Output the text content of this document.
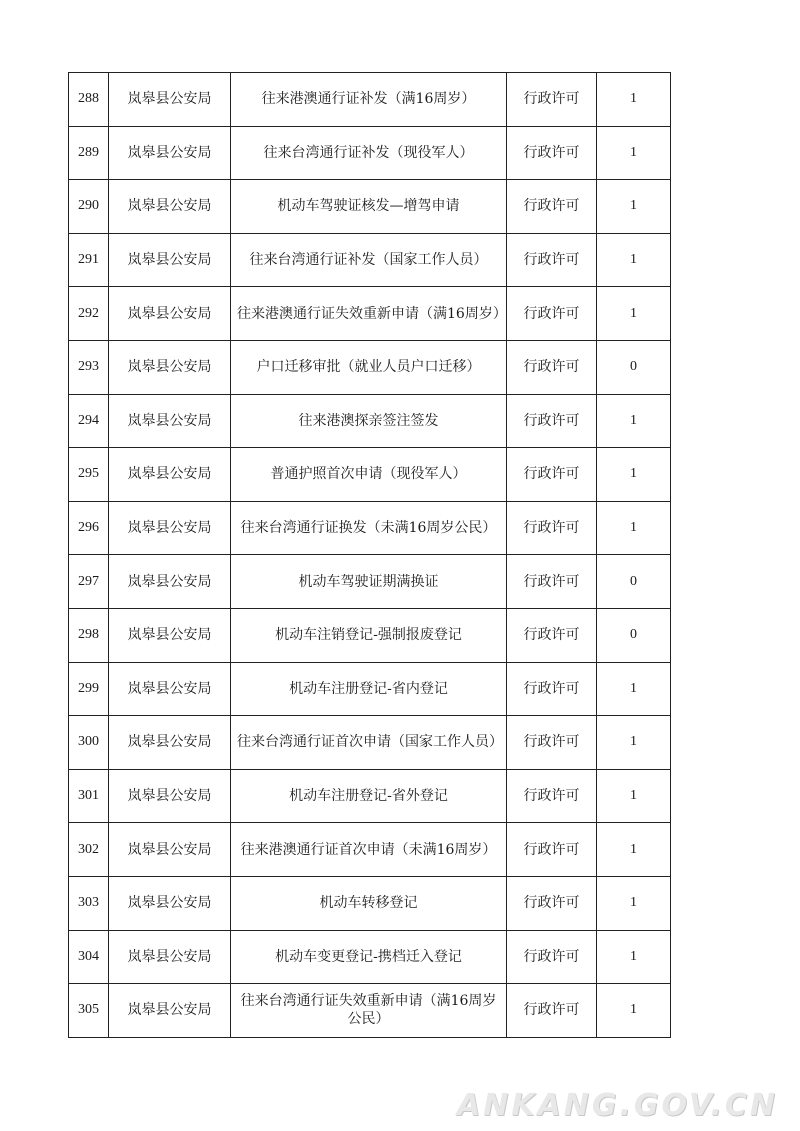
288	岚皋县公安局	往来港澳通行证补发（满16周岁）	行政许可	1
289	岚皋县公安局	往来台湾通行证补发（现役军人）	行政许可	1
290	岚皋县公安局	机动车驾驶证核发—增驾申请	行政许可	1
291	岚皋县公安局	往来台湾通行证补发（国家工作人员）	行政许可	1
292	岚皋县公安局	往来港澳通行证失效重新申请（满16周岁）	行政许可	1
293	岚皋县公安局	户口迁移审批（就业人员户口迁移）	行政许可	0
294	岚皋县公安局	往来港澳探亲签注签发	行政许可	1
295	岚皋县公安局	普通护照首次申请（现役军人）	行政许可	1
296	岚皋县公安局	往来台湾通行证换发（未满16周岁公民）	行政许可	1
297	岚皋县公安局	机动车驾驶证期满换证	行政许可	0
298	岚皋县公安局	机动车注销登记-强制报废登记	行政许可	0
299	岚皋县公安局	机动车注册登记-省内登记	行政许可	1
300	岚皋县公安局	往来台湾通行证首次申请（国家工作人员）	行政许可	1
301	岚皋县公安局	机动车注册登记-省外登记	行政许可	1
302	岚皋县公安局	往来港澳通行证首次申请（未满16周岁）	行政许可	1
303	岚皋县公安局	机动车转移登记	行政许可	1
304	岚皋县公安局	机动车变更登记-携档迁入登记	行政许可	1
305	岚皋县公安局	往来台湾通行证失效重新申请（满16周岁公民）	行政许可	1
ANKANG.GOV.CN
